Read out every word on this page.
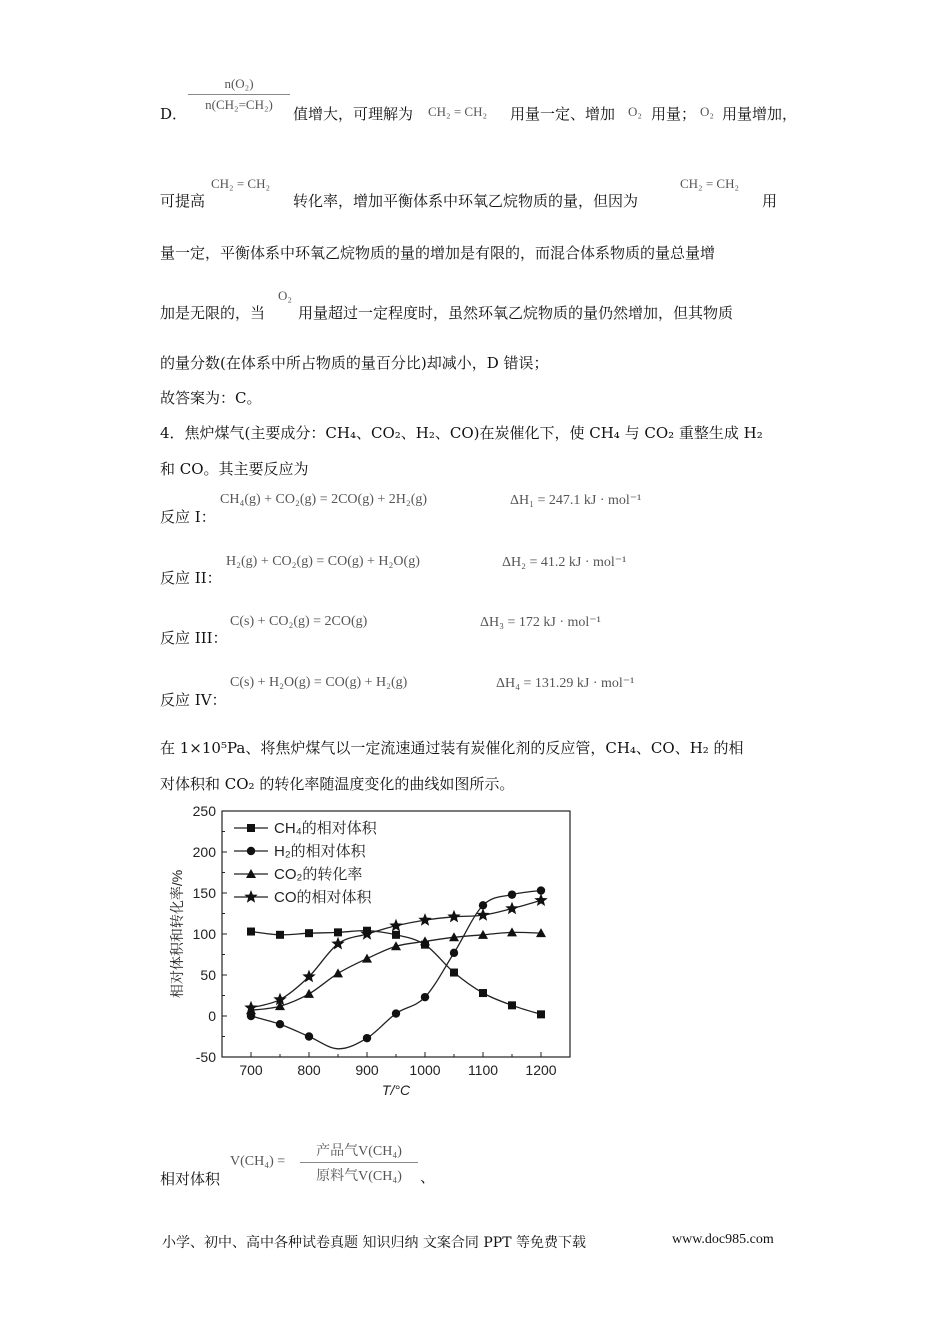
n(O₂)
n(CH₂=CH₂)
D．	值增大，可理解为 CH₂ = CH₂ 用量一定、增加 O₂ 用量； O₂ 用量增加，
可提高
CH₂ = CH₂
转化率，增加平衡体系中环氧乙烷物质的量，但因为
CH₂ = CH₂
用
量一定，平衡体系中环氧乙烷物质的量的增加是有限的，而混合体系物质的量总量增
加是无限的，当
O₂
用量超过一定程度时，虽然环氧乙烷物质的量仍然增加，但其物质
的量分数(在体系中所占物质的量百分比)却减小，D 错误；
故答案为：C。
4．焦炉煤气(主要成分：CH₄、CO₂、H₂、CO)在炭催化下，使 CH₄ 与 CO₂ 重整生成 H₂
和 CO。其主要反应为
反应 I：
CH₄(g) + CO₂(g) = 2CO(g) + 2H₂(g)	ΔH₁ = 247.1 kJ · mol⁻¹
反应 II：
H₂(g) + CO₂(g) = CO(g) + H₂O(g)	ΔH₂ = 41.2 kJ · mol⁻¹
反应 III：
C(s) + CO₂(g) = 2CO(g)	ΔH₃ = 172 kJ · mol⁻¹
反应 IV：
C(s) + H₂O(g) = CO(g) + H₂(g)	ΔH₄ = 131.29 kJ · mol⁻¹
在 1×10⁵Pa、将焦炉煤气以一定流速通过装有炭催化剂的反应管，CH₄、CO、H₂ 的相
对体积和 CO₂ 的转化率随温度变化的曲线如图所示。
700 800 900 1000 1100 1200
-50
0
50
100
150
200
250
T/°C
相对体积和转化率/%
CH₄的相对体积
H₂的相对体积
CO₂的转化率
CO的相对体积
相对体积
V(CH₄) =
产品气V(CH₄)
原料气V(CH₄)	、
小学、初中、高中各种试卷真题 知识归纳 文案合同 PPT 等免费下载	www.doc985.com
